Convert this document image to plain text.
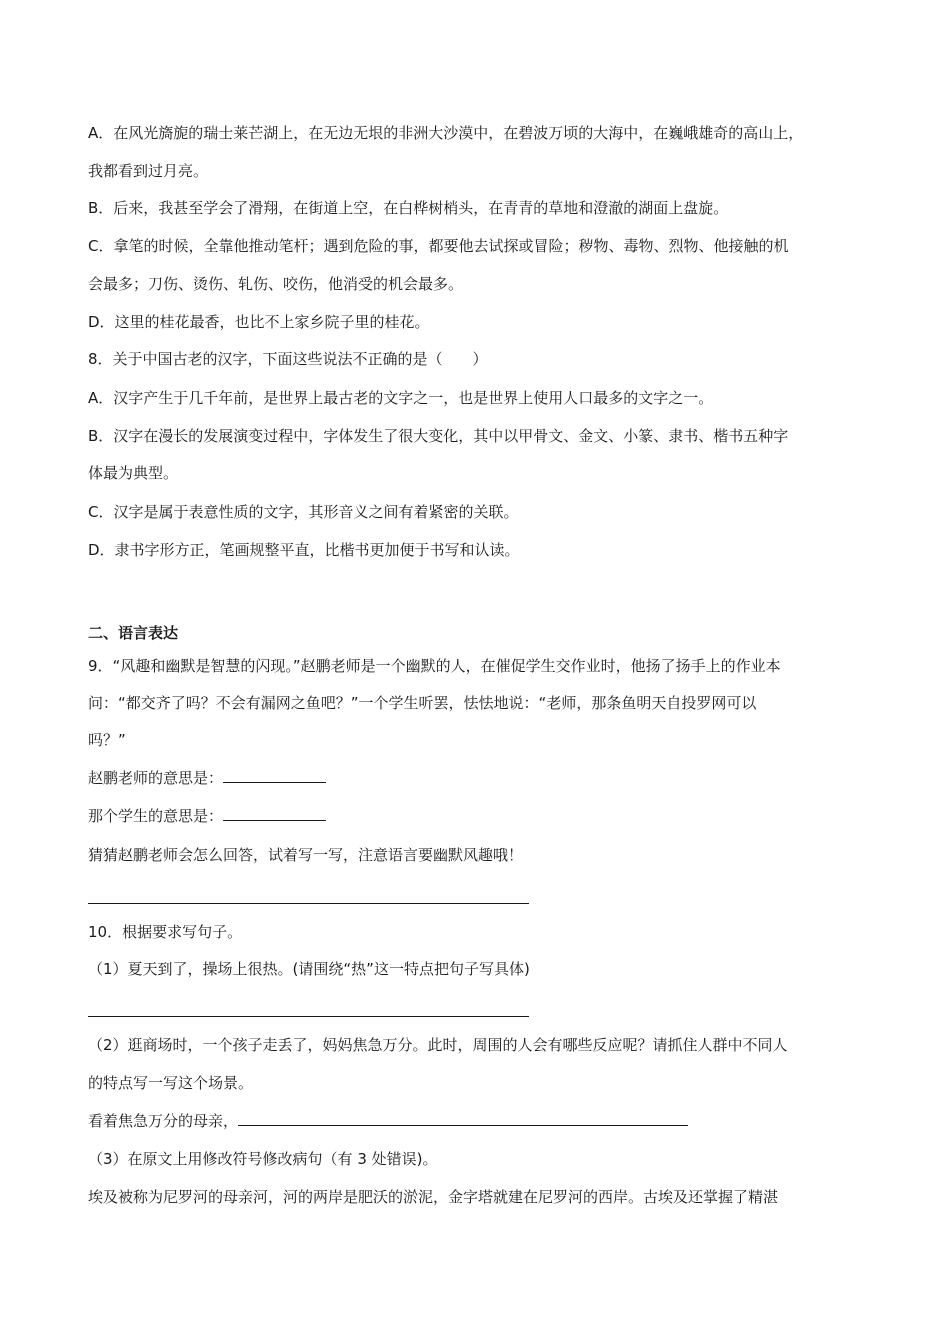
A．在风光旖旎的瑞士莱芒湖上，在无边无垠的非洲大沙漠中，在碧波万顷的大海中，在巍峨雄奇的高山上，
我都看到过月亮。
B．后来，我甚至学会了滑翔，在街道上空，在白桦树梢头，在青青的草地和澄澈的湖面上盘旋。
C．拿笔的时候，全靠他推动笔杆；遇到危险的事，都要他去试探或冒险；秽物、毒物、烈物、他接触的机
会最多；刀伤、烫伤、轧伤、咬伤，他消受的机会最多。
D．这里的桂花最香，也比不上家乡院子里的桂花。
8．关于中国古老的汉字，下面这些说法不正确的是（　　）
A．汉字产生于几千年前，是世界上最古老的文字之一，也是世界上使用人口最多的文字之一。
B．汉字在漫长的发展演变过程中，字体发生了很大变化，其中以甲骨文、金文、小篆、隶书、楷书五种字
体最为典型。
C．汉字是属于表意性质的文字，其形音义之间有着紧密的关联。
D．隶书字形方正，笔画规整平直，比楷书更加便于书写和认读。
二、语言表达
9．“风趣和幽默是智慧的闪现。”赵鹏老师是一个幽默的人，在催促学生交作业时，他扬了扬手上的作业本
问：“都交齐了吗？不会有漏网之鱼吧？”一个学生听罢，怯怯地说：“老师，那条鱼明天自投罗网可以
吗？”
赵鹏老师的意思是：
那个学生的意思是：
猜猜赵鹏老师会怎么回答，试着写一写，注意语言要幽默风趣哦！
10．根据要求写句子。
（1）夏天到了，操场上很热。(请围绕“热”这一特点把句子写具体)
（2）逛商场时，一个孩子走丢了，妈妈焦急万分。此时，周围的人会有哪些反应呢？请抓住人群中不同人
的特点写一写这个场景。
看着焦急万分的母亲，
（3）在原文上用修改符号修改病句（有 3 处错误)。
埃及被称为尼罗河的母亲河，河的两岸是肥沃的淤泥，金字塔就建在尼罗河的西岸。古埃及还掌握了精湛
